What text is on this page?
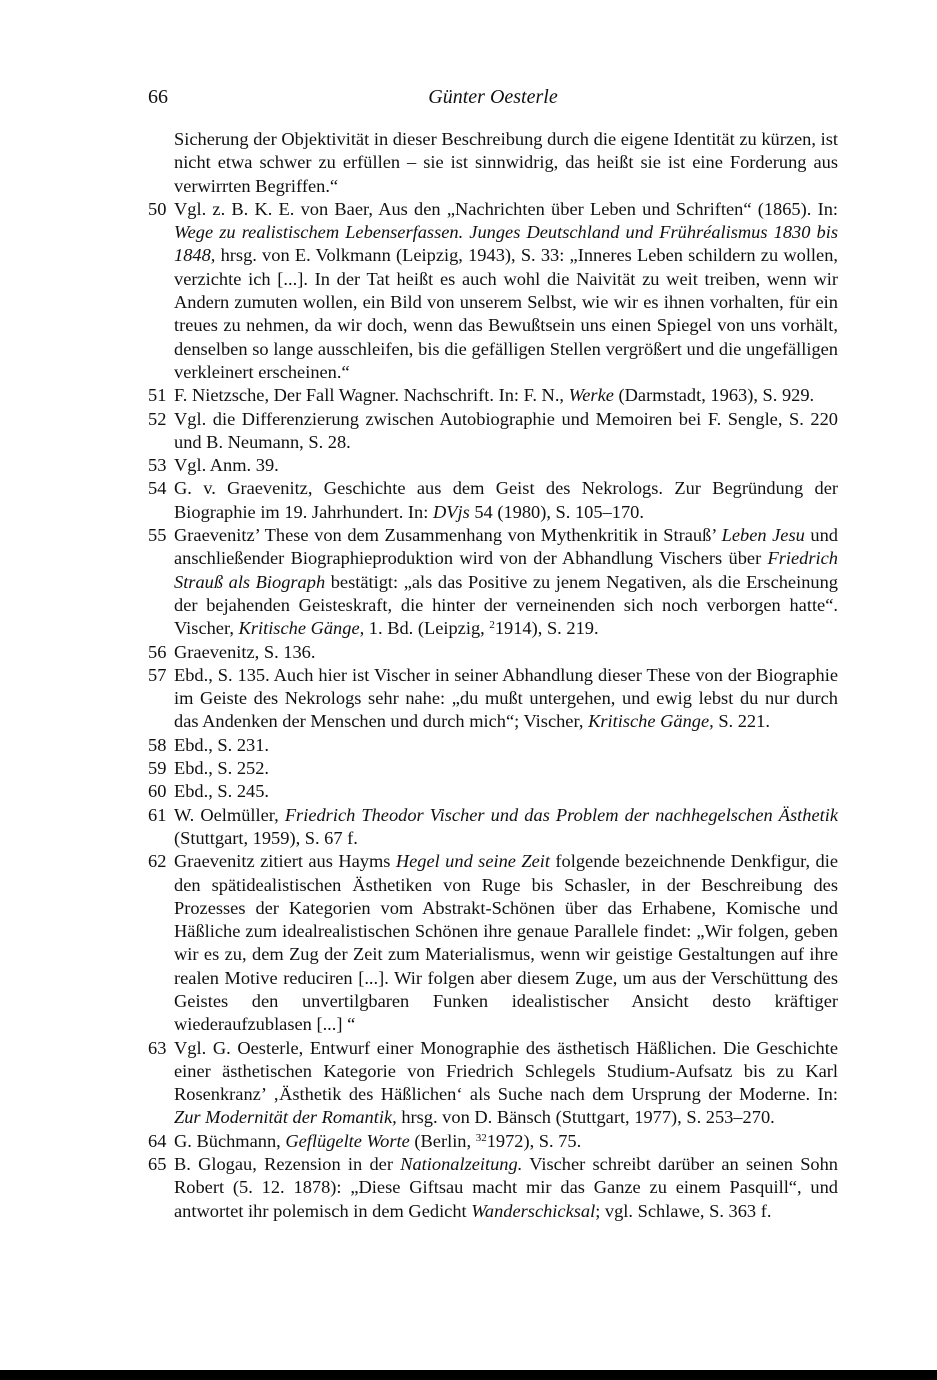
66	Günter Oesterle
Sicherung der Objektivität in dieser Beschreibung durch die eigene Identität zu kürzen, ist nicht etwa schwer zu erfüllen – sie ist sinnwidrig, das heißt sie ist eine Forderung aus verwirrten Begriffen.“
50 Vgl. z. B. K. E. von Baer, Aus den „Nachrichten über Leben und Schriften“ (1865). In: Wege zu realistischem Lebenserfassen. Junges Deutschland und Frühréalismus 1830 bis 1848, hrsg. von E. Volkmann (Leipzig, 1943), S. 33: „Inneres Leben schildern zu wollen, verzichte ich [...]. In der Tat heißt es auch wohl die Naivität zu weit treiben, wenn wir Andern zumuten wollen, ein Bild von unserem Selbst, wie wir es ihnen vorhalten, für ein treues zu nehmen, da wir doch, wenn das Bewußtsein uns einen Spiegel von uns vorhält, denselben so lange ausschleifen, bis die gefälligen Stellen vergrößert und die ungefälligen verkleinert erscheinen.“
51 F. Nietzsche, Der Fall Wagner. Nachschrift. In: F. N., Werke (Darmstadt, 1963), S. 929.
52 Vgl. die Differenzierung zwischen Autobiographie und Memoiren bei F. Sengle, S. 220 und B. Neumann, S. 28.
53 Vgl. Anm. 39.
54 G. v. Graevenitz, Geschichte aus dem Geist des Nekrologs. Zur Begründung der Biographie im 19. Jahrhundert. In: DVjs 54 (1980), S. 105–170.
55 Graevenitz’ These von dem Zusammenhang von Mythenkritik in Strauß’ Leben Jesu und anschließender Biographieproduktion wird von der Abhandlung Vischers über Friedrich Strauß als Biograph bestätigt: „als das Positive zu jenem Negativen, als die Erscheinung der bejahenden Geisteskraft, die hinter der verneinenden sich noch verborgen hatte“. Vischer, Kritische Gänge, 1. Bd. (Leipzig, $^2$1914), S. 219.
56 Graevenitz, S. 136.
57 Ebd., S. 135. Auch hier ist Vischer in seiner Abhandlung dieser These von der Biographie im Geiste des Nekrologs sehr nahe: „du mußt untergehen, und ewig lebst du nur durch das Andenken der Menschen und durch mich“; Vischer, Kritische Gänge, S. 221.
58 Ebd., S. 231.
59 Ebd., S. 252.
60 Ebd., S. 245.
61 W. Oelmüller, Friedrich Theodor Vischer und das Problem der nachhegelschen Ästhetik (Stuttgart, 1959), S. 67 f.
62 Graevenitz zitiert aus Hayms Hegel und seine Zeit folgende bezeichnende Denkfigur, die den spätidealistischen Ästhetiken von Ruge bis Schasler, in der Beschreibung des Prozesses der Kategorien vom Abstrakt-Schönen über das Erhabene, Komische und Häßliche zum idealrealistischen Schönen ihre genaue Parallele findet: „Wir folgen, geben wir es zu, dem Zug der Zeit zum Materialismus, wenn wir geistige Gestaltungen auf ihre realen Motive reduciren [...]. Wir folgen aber diesem Zuge, um aus der Verschüttung des Geistes den unvertilgbaren Funken idealistischer Ansicht desto kräftiger wiederaufzublasen [...] “
63 Vgl. G. Oesterle, Entwurf einer Monographie des ästhetisch Häßlichen. Die Geschichte einer ästhetischen Kategorie von Friedrich Schlegels Studium-Aufsatz bis zu Karl Rosenkranz’ ‚Ästhetik des Häßlichen‘ als Suche nach dem Ursprung der Moderne. In: Zur Modernität der Romantik, hrsg. von D. Bänsch (Stuttgart, 1977), S. 253–270.
64 G. Büchmann, Geflügelte Worte (Berlin, $^{32}$1972), S. 75.
65 B. Glogau, Rezension in der Nationalzeitung. Vischer schreibt darüber an seinen Sohn Robert (5. 12. 1878): „Diese Giftsau macht mir das Ganze zu einem Pasquill“, und antwortet ihr polemisch in dem Gedicht Wanderschicksal; vgl. Schlawe, S. 363 f.
